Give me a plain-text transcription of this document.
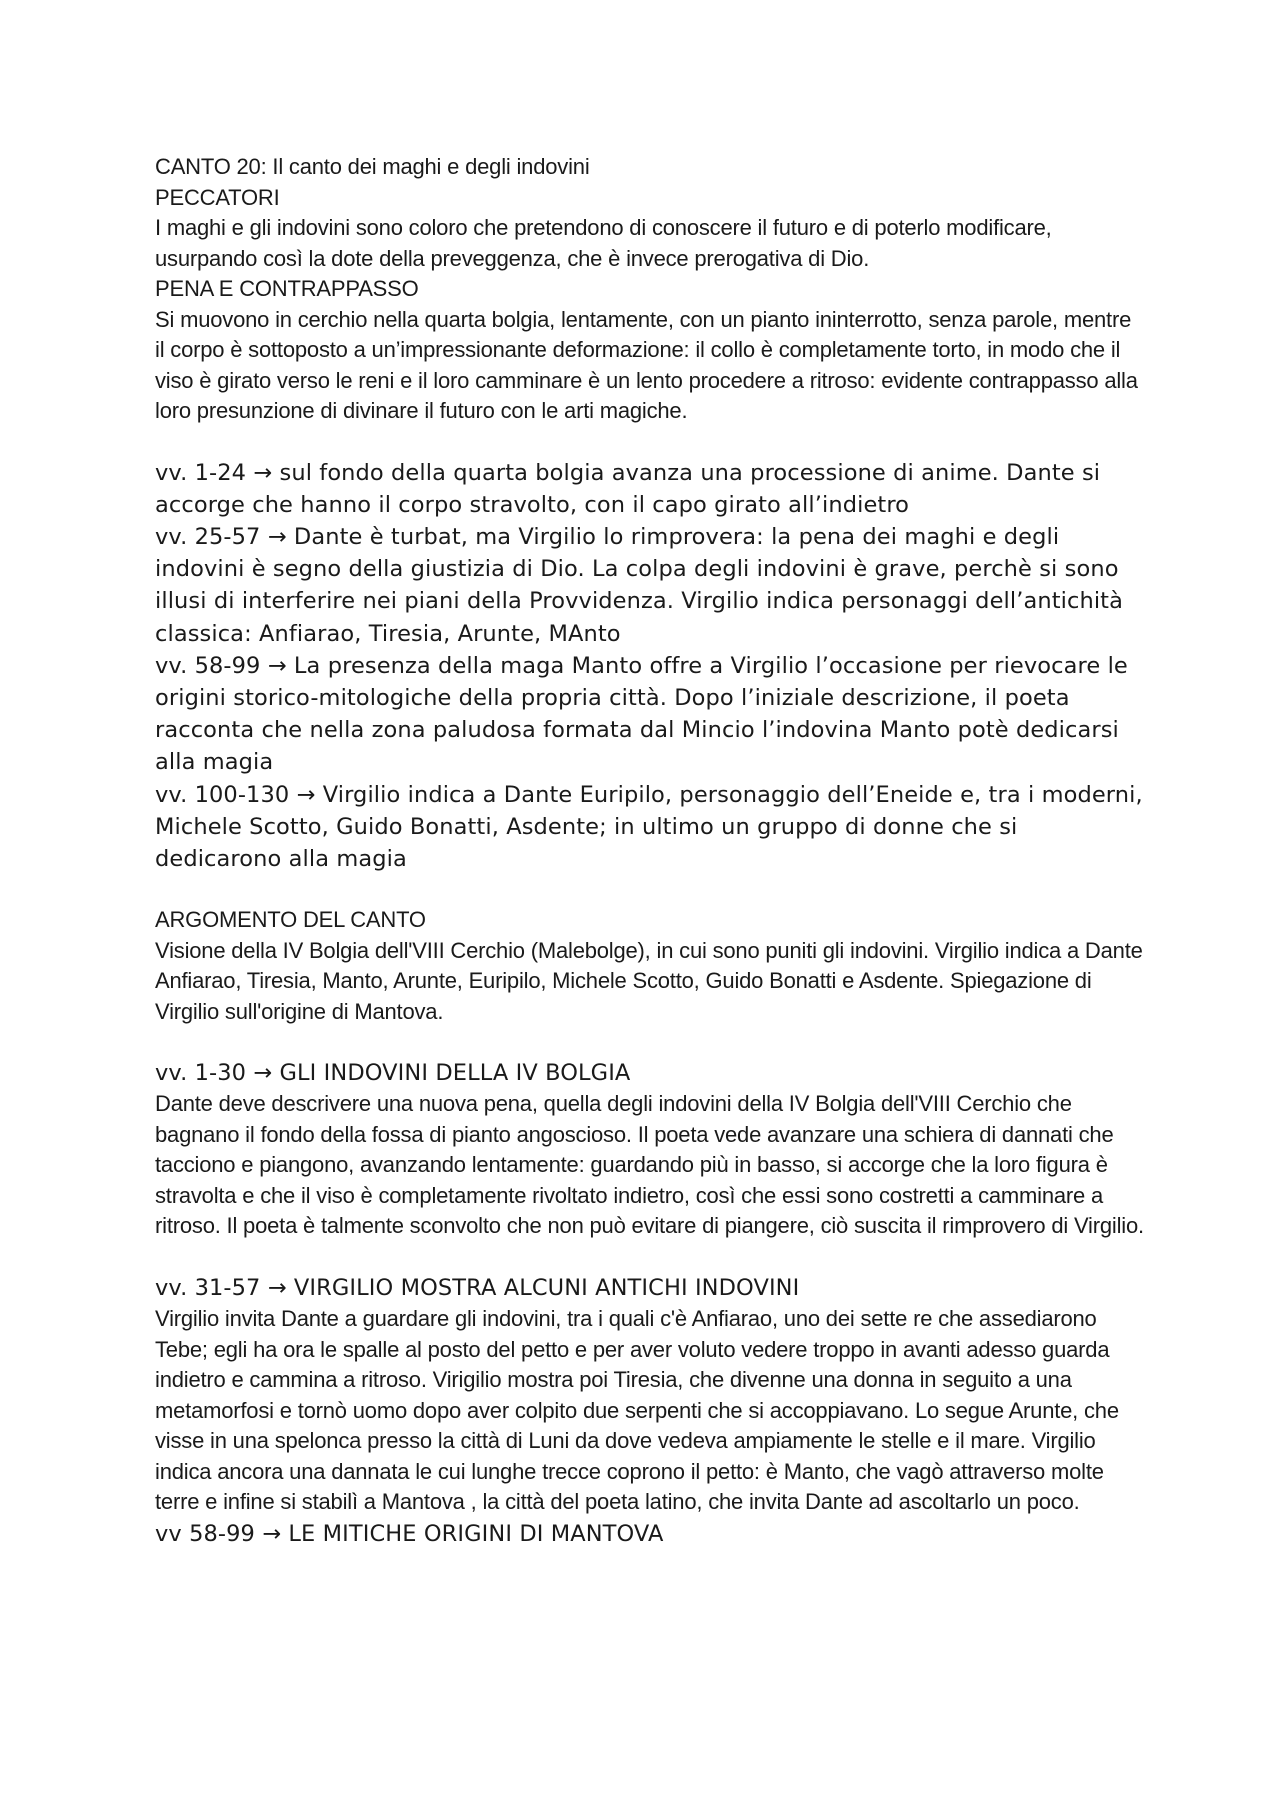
CANTO 20: Il canto dei maghi e degli indovini

PECCATORI

I maghi e gli indovini sono coloro che pretendono di conoscere il futuro e di poterlo modificare, usurpando così la dote della preveggenza, che è invece prerogativa di Dio.

PENA E CONTRAPPASSO

Si muovono in cerchio nella quarta bolgia, lentamente, con un pianto ininterrotto, senza parole, mentre il corpo è sottoposto a un’impressionante deformazione: il collo è completamente torto, in modo che il viso è girato verso le reni e il loro camminare è un lento procedere a ritroso: evidente contrappasso alla loro presunzione di divinare il futuro con le arti magiche.

vv. 1-24 → sul fondo della quarta bolgia avanza una processione di anime. Dante si accorge che hanno il corpo stravolto, con il capo girato all’indietro

vv. 25-57 → Dante è turbat, ma Virgilio lo rimprovera: la pena dei maghi e degli indovini è segno della giustizia di Dio. La colpa degli indovini è grave, perchè si sono illusi di interferire nei piani della Provvidenza. Virgilio indica personaggi dell’antichità classica: Anfiarao, Tiresia, Arunte, MAnto

vv. 58-99 → La presenza della maga Manto offre a Virgilio l’occasione per rievocare le origini storico-mitologiche della propria città. Dopo l’iniziale descrizione, il poeta racconta che nella zona paludosa formata dal Mincio l’indovina Manto potè dedicarsi alla magia

vv. 100-130 → Virgilio indica a Dante Euripilo, personaggio dell’Eneide e, tra i moderni, Michele Scotto, Guido Bonatti, Asdente; in ultimo un gruppo di donne che si dedicarono alla magia

ARGOMENTO DEL CANTO

Visione della IV Bolgia dell'VIII Cerchio (Malebolge), in cui sono puniti gli indovini. Virgilio indica a Dante Anfiarao, Tiresia, Manto, Arunte, Euripilo, Michele Scotto, Guido Bonatti e Asdente. Spiegazione di Virgilio sull'origine di Mantova.

vv. 1-30 → GLI INDOVINI DELLA IV BOLGIA

Dante deve descrivere una nuova pena, quella degli indovini della IV Bolgia dell'VIII Cerchio che bagnano il fondo della fossa di pianto angoscioso. Il poeta vede avanzare una schiera di dannati che tacciono e piangono, avanzando lentamente: guardando più in basso, si accorge che la loro figura è stravolta e che il viso è completamente rivoltato indietro, così che essi sono costretti a camminare a ritroso. Il poeta è talmente sconvolto che non può evitare di piangere, ciò suscita il rimprovero di Virgilio.

vv. 31-57 → VIRGILIO MOSTRA ALCUNI ANTICHI INDOVINI

Virgilio invita Dante a guardare gli indovini, tra i quali c'è Anfiarao, uno dei sette re che assediarono Tebe; egli ha ora le spalle al posto del petto e per aver voluto vedere troppo in avanti adesso guarda indietro e cammina a ritroso. Virigilio mostra poi Tiresia, che divenne una donna in seguito a una metamorfosi e tornò uomo dopo aver colpito due serpenti che si accoppiavano. Lo segue Arunte, che visse in una spelonca presso la città di Luni da dove vedeva ampiamente le stelle e il mare. Virgilio indica ancora una dannata le cui lunghe trecce coprono il petto: è Manto, che vagò attraverso molte terre e infine si stabilì a Mantova , la città del poeta latino, che invita Dante ad ascoltarlo un poco.

vv 58-99 → LE MITICHE ORIGINI DI MANTOVA
